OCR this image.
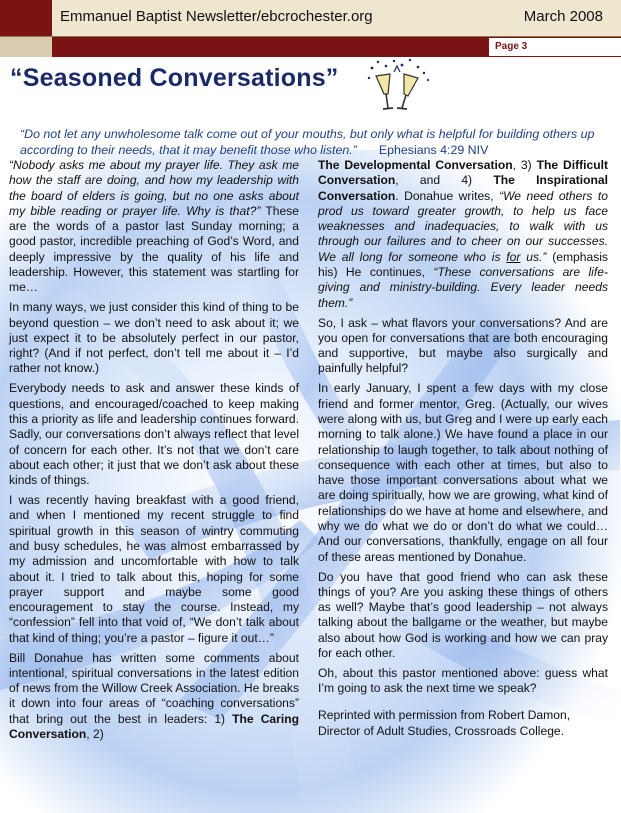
Emmanuel Baptist Newsletter/ebcrochester.org	March 2008
Page 3
“Seasoned Conversations”
“Do not let any unwholesome talk come out of your mouths, but only what is helpful for building others up according to their needs, that it may benefit those who listen.” Ephesians 4:29 NIV

“Nobody asks me about my prayer life. They ask me how the staff are doing, and how my leadership with the board of elders is going, but no one asks about my bible reading or prayer life. Why is that?” These are the words of a pastor last Sunday morning; a good pastor, incredible preaching of God’s Word, and deeply impressive by the quality of his life and leadership. However, this statement was startling for me…

In many ways, we just consider this kind of thing to be beyond question – we don’t need to ask about it; we just expect it to be absolutely perfect in our pastor, right? (And if not perfect, don’t tell me about it – I’d rather not know.)

Everybody needs to ask and answer these kinds of questions, and encouraged/coached to keep making this a priority as life and leadership continues forward. Sadly, our conversations don’t always reflect that level of concern for each other. It’s not that we don’t care about each other; it just that we don’t ask about these kinds of things.

I was recently having breakfast with a good friend, and when I mentioned my recent struggle to find spiritual growth in this season of wintry commuting and busy schedules, he was almost embarrassed by my admission and uncomfortable with how to talk about it. I tried to talk about this, hoping for some prayer support and maybe some good encouragement to stay the course. Instead, my “confession” fell into that void of, “We don’t talk about that kind of thing; you’re a pastor – figure it out…”

Bill Donahue has written some comments about intentional, spiritual conversations in the latest edition of news from the Willow Creek Association. He breaks it down into four areas of “coaching conversations” that bring out the best in leaders: 1) The Caring Conversation, 2)

The Developmental Conversation, 3) The Difficult Conversation, and 4) The Inspirational Conversation. Donahue writes, “We need others to prod us toward greater growth, to help us face weaknesses and inadequacies, to walk with us through our failures and to cheer on our successes. We all long for someone who is for us.” (emphasis his) He continues, “These conversations are life-giving and ministry-building. Every leader needs them.”

So, I ask – what flavors your conversations? And are you open for conversations that are both encouraging and supportive, but maybe also surgically and painfully helpful?

In early January, I spent a few days with my close friend and former mentor, Greg. (Actually, our wives were along with us, but Greg and I were up early each morning to talk alone.) We have found a place in our relationship to laugh together, to talk about nothing of consequence with each other at times, but also to have those important conversations about what we are doing spiritually, how we are growing, what kind of relationships do we have at home and elsewhere, and why we do what we do or don’t do what we could… And our conversations, thankfully, engage on all four of these areas mentioned by Donahue.

Do you have that good friend who can ask these things of you? Are you asking these things of others as well? Maybe that’s good leadership – not always talking about the ballgame or the weather, but maybe also about how God is working and how we can pray for each other.

Oh, about this pastor mentioned above: guess what I’m going to ask the next time we speak?

Reprinted with permission from Robert Damon,
Director of Adult Studies, Crossroads College.
